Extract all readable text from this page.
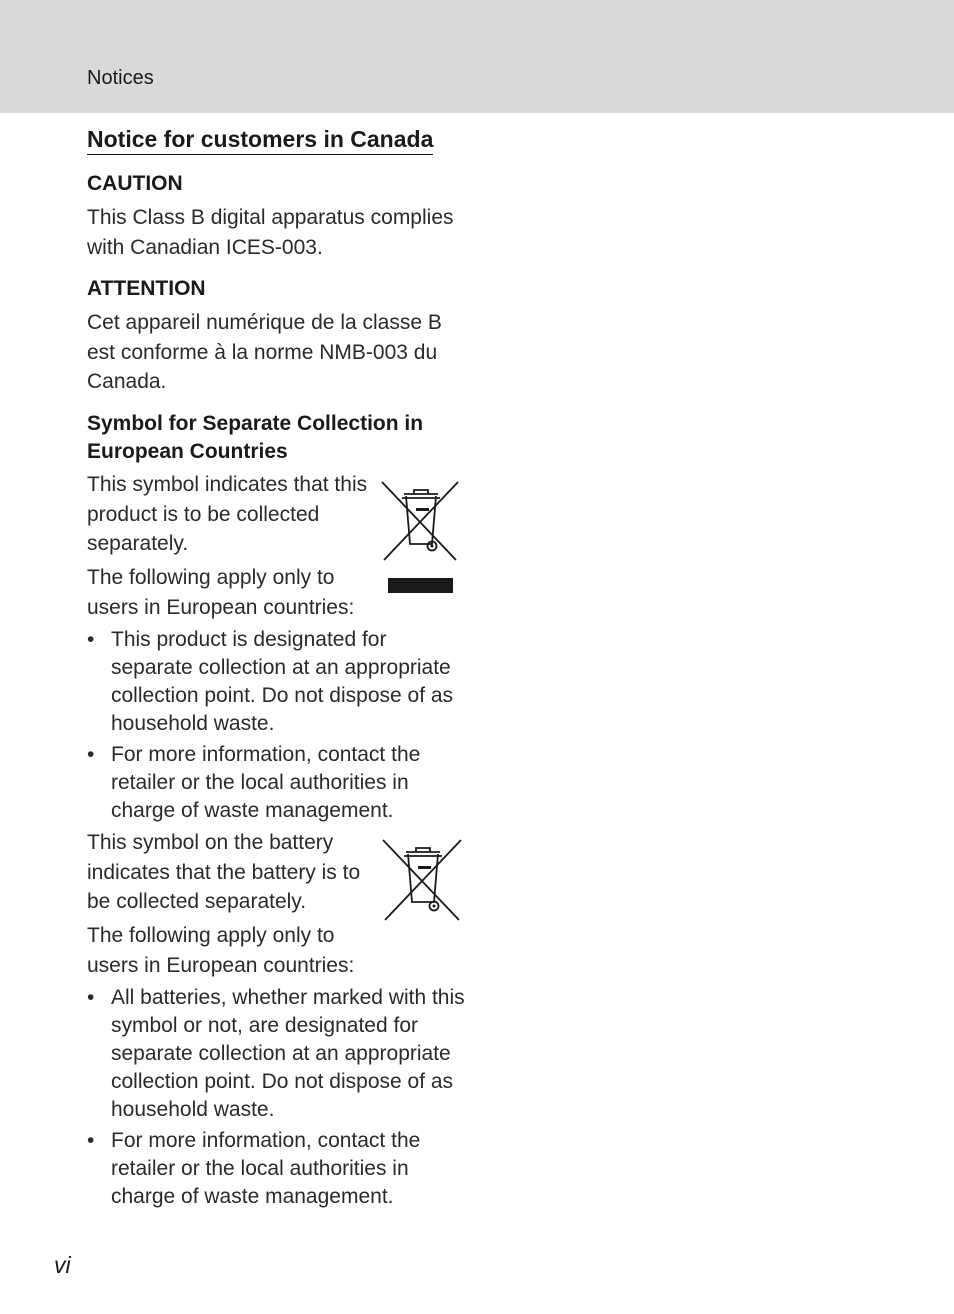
Notices
Notice for customers in Canada
CAUTION

This Class B digital apparatus complies with Canadian ICES-003.

ATTENTION

Cet appareil numérique de la classe B est conforme à la norme NMB-003 du Canada.

Symbol for Separate Collection in
European Countries

This symbol indicates that this product is to be collected separately.

The following apply only to users in European countries:

• This product is designated for separate collection at an appropriate collection point. Do not dispose of as household waste.
• For more information, contact the retailer or the local authorities in charge of waste management.

This symbol on the battery indicates that the battery is to be collected separately.

The following apply only to users in European countries:

• All batteries, whether marked with this symbol or not, are designated for separate collection at an appropriate collection point. Do not dispose of as household waste.
• For more information, contact the retailer or the local authorities in charge of waste management.
vi
